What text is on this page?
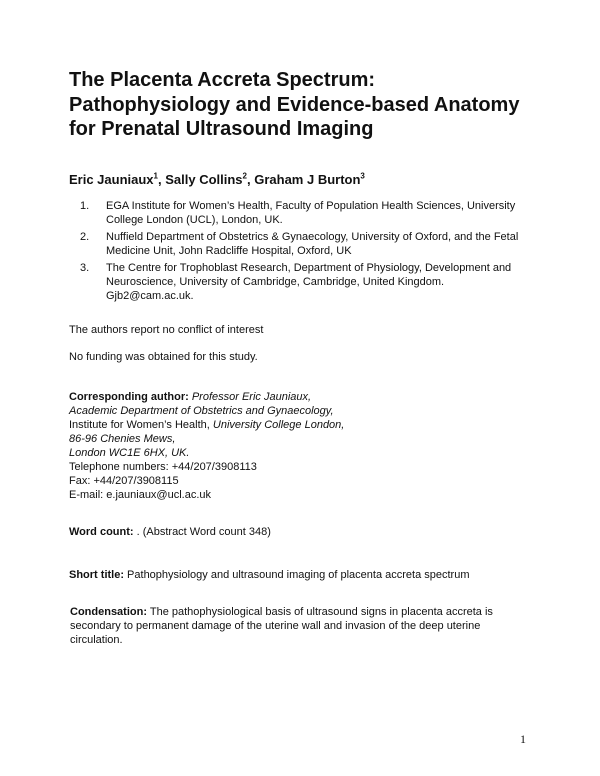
The Placenta Accreta Spectrum: Pathophysiology and Evidence-based Anatomy for Prenatal Ultrasound Imaging
Eric Jauniaux$^1$, Sally Collins$^2$, Graham J Burton$^3$
1. EGA Institute for Women’s Health, Faculty of Population Health Sciences, University College London (UCL), London, UK.
2. Nuffield Department of Obstetrics & Gynaecology, University of Oxford, and the Fetal Medicine Unit, John Radcliffe Hospital, Oxford, UK
3. The Centre for Trophoblast Research, Department of Physiology, Development and Neuroscience, University of Cambridge, Cambridge, United Kingdom. Gjb2@cam.ac.uk.

The authors report no conflict of interest

No funding was obtained for this study.

Corresponding author: Professor Eric Jauniaux,
Academic Department of Obstetrics and Gynaecology,
Institute for Women’s Health, University College London,
86-96 Chenies Mews,
London WC1E 6HX, UK.
Telephone numbers: +44/207/3908113
Fax: +44/207/3908115
E-mail: e.jauniaux@ucl.ac.uk

Word count: . (Abstract Word count 348)

Short title: Pathophysiology and ultrasound imaging of placenta accreta spectrum

Condensation: The pathophysiological basis of ultrasound signs in placenta accreta is secondary to permanent damage of the uterine wall and invasion of the deep uterine circulation.

1
